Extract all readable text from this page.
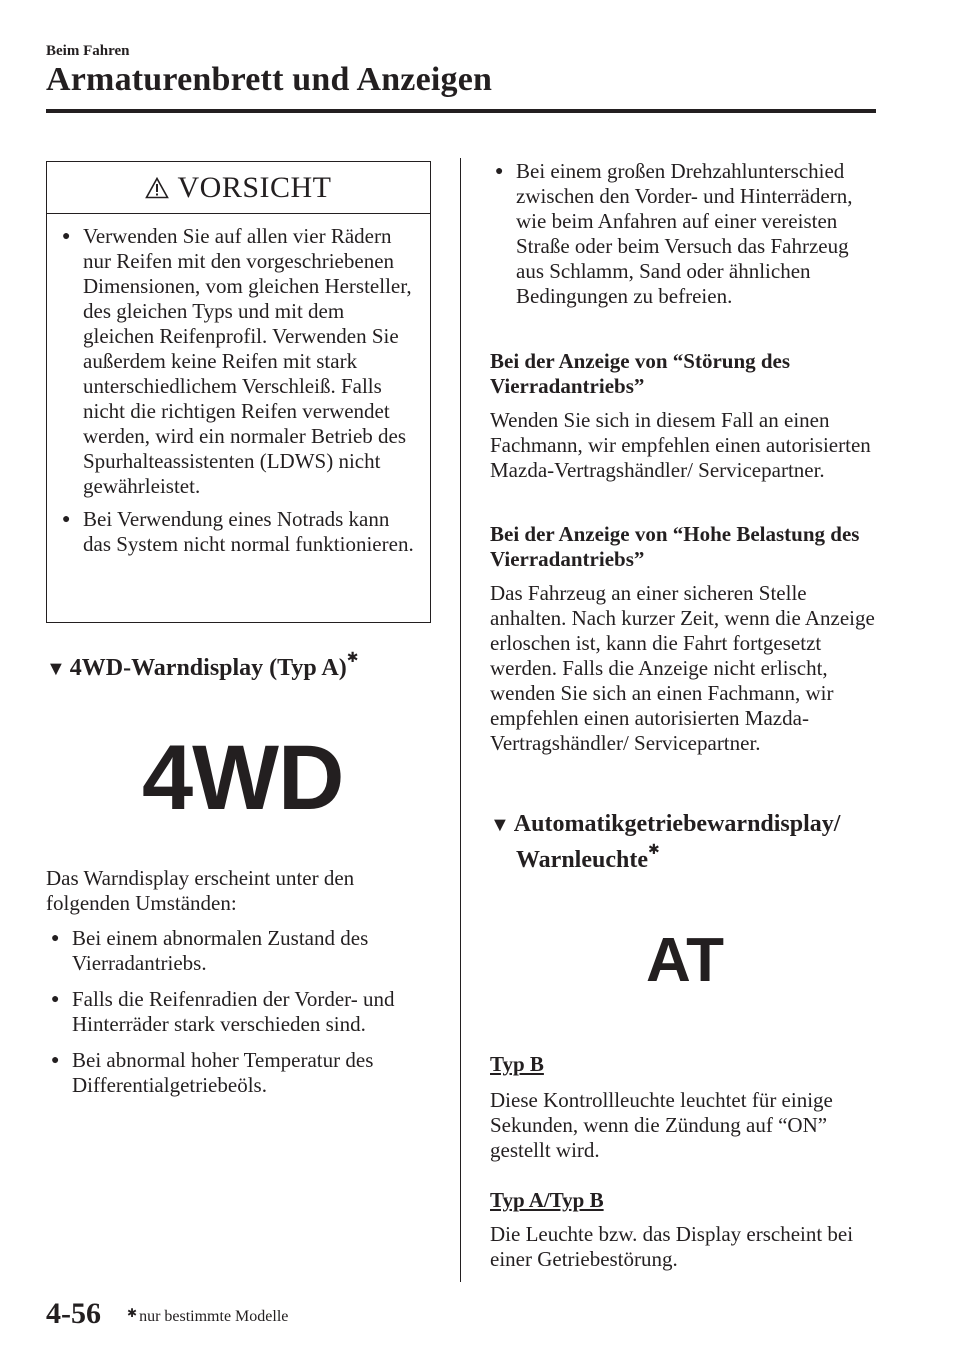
Beim Fahren
Armaturenbrett und Anzeigen
VORSICHT
● Verwenden Sie auf allen vier Rädern nur Reifen mit den vorgeschriebenen Dimensionen, vom gleichen Hersteller, des gleichen Typs und mit dem gleichen Reifenprofil. Verwenden Sie außerdem keine Reifen mit stark unterschiedlichem Verschleiß. Falls nicht die richtigen Reifen verwendet werden, wird ein normaler Betrieb des Spurhalteassistenten (LDWS) nicht gewährleistet.
● Bei Verwendung eines Notrads kann das System nicht normal funktionieren.
▼ 4WD-Warndisplay (Typ A)✱
4WD
Das Warndisplay erscheint unter den folgenden Umständen:
● Bei einem abnormalen Zustand des Vierradantriebs.
● Falls die Reifenradien der Vorder- und Hinterräder stark verschieden sind.
● Bei abnormal hoher Temperatur des Differentialgetriebeöls.
● Bei einem großen Drehzahlunterschied zwischen den Vorder- und Hinterrädern, wie beim Anfahren auf einer vereisten Straße oder beim Versuch das Fahrzeug aus Schlamm, Sand oder ähnlichen Bedingungen zu befreien.
Bei der Anzeige von “Störung des Vierradantriebs”
Wenden Sie sich in diesem Fall an einen Fachmann, wir empfehlen einen autorisierten Mazda-Vertragshändler/ Servicepartner.
Bei der Anzeige von “Hohe Belastung des Vierradantriebs”
Das Fahrzeug an einer sicheren Stelle anhalten. Nach kurzer Zeit, wenn die Anzeige erloschen ist, kann die Fahrt fortgesetzt werden. Falls die Anzeige nicht erlischt, wenden Sie sich an einen Fachmann, wir empfehlen einen autorisierten Mazda-Vertragshändler/ Servicepartner.
▼ Automatikgetriebewarndisplay/
Warnleuchte✱
AT
Typ B
Diese Kontrollleuchte leuchtet für einige Sekunden, wenn die Zündung auf “ON” gestellt wird.
Typ A/Typ B
Die Leuchte bzw. das Display erscheint bei einer Getriebestörung.
4-56 ✱ nur bestimmte Modelle
